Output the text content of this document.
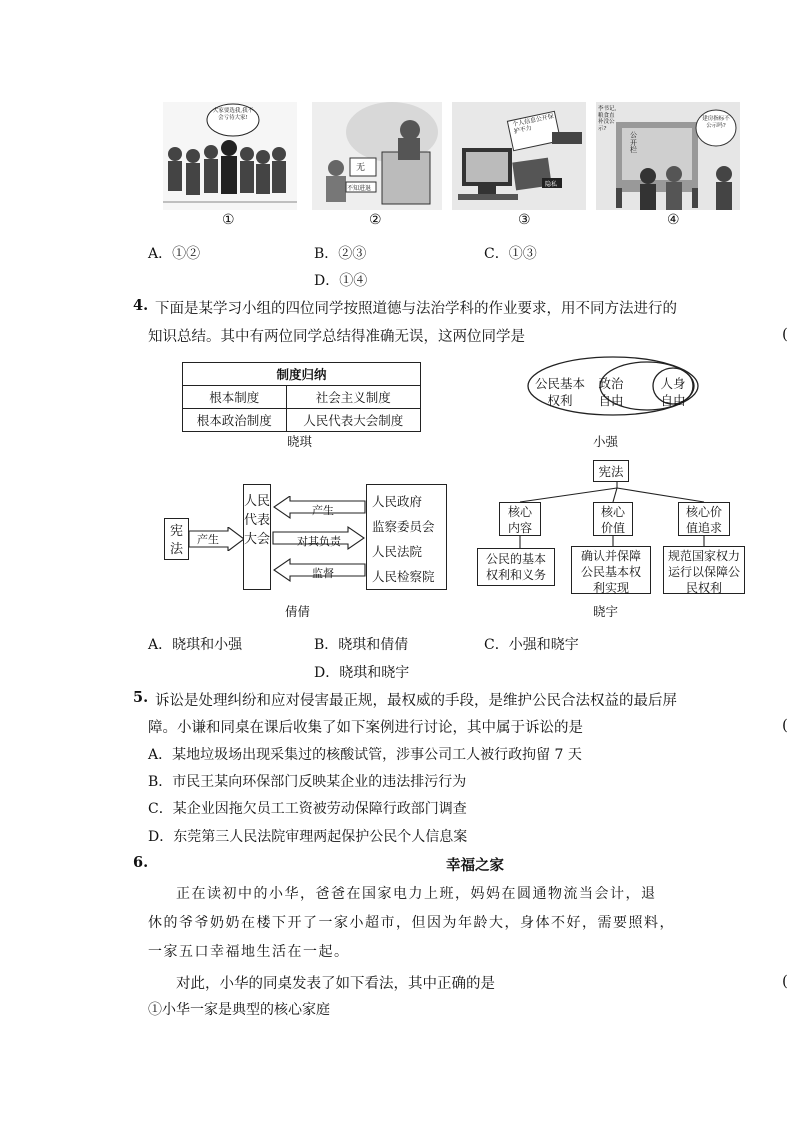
大家要选我,我不会亏待大家!
①
无
不知进退
②
个人信息公开保护不力
隐私
③
李书记,粮食直补没公示?
公开栏
建房指标不公示吗?
④
A．①②	B．②③	C．①③
D．①④
4. 下面是某学习小组的四位同学按照道德与法治学科的作业要求，用不同方法进行的
知识总结。其中有两位同学总结得准确无误，这两位同学是	(
制度归纳	
根本制度	社会主义制度
根本政治制度	人民代表大会制度
晓琪
公民基本权利
政治自由
人身自由
小强
宪法
产生
人民代表大会
产生
对其负责
监督
人民政府
监察委员会
人民法院
人民检察院
倩倩
宪法
核心内容
核心价值
核心价值追求
公民的基本权利和义务
确认并保障公民基本权利实现
规范国家权力运行以保障公民权利
晓宇
A．晓琪和小强	B．晓琪和倩倩	C．小强和晓宇
D．晓琪和晓宇
5. 诉讼是处理纠纷和应对侵害最正规，最权威的手段，是维护公民合法权益的最后屏
障。小谦和同桌在课后收集了如下案例进行讨论，其中属于诉讼的是	(
A．某地垃圾场出现采集过的核酸试管，涉事公司工人被行政拘留 7 天
B．市民王某向环保部门反映某企业的违法排污行为
C．某企业因拖欠员工工资被劳动保障行政部门调查
D．东莞第三人民法院审理两起保护公民个人信息案
6.	幸福之家
正在读初中的小华，爸爸在国家电力上班，妈妈在圆通物流当会计，退
休的爷爷奶奶在楼下开了一家小超市，但因为年龄大，身体不好，需要照料，
一家五口幸福地生活在一起。
对此，小华的同桌发表了如下看法，其中正确的是	(
①小华一家是典型的核心家庭
